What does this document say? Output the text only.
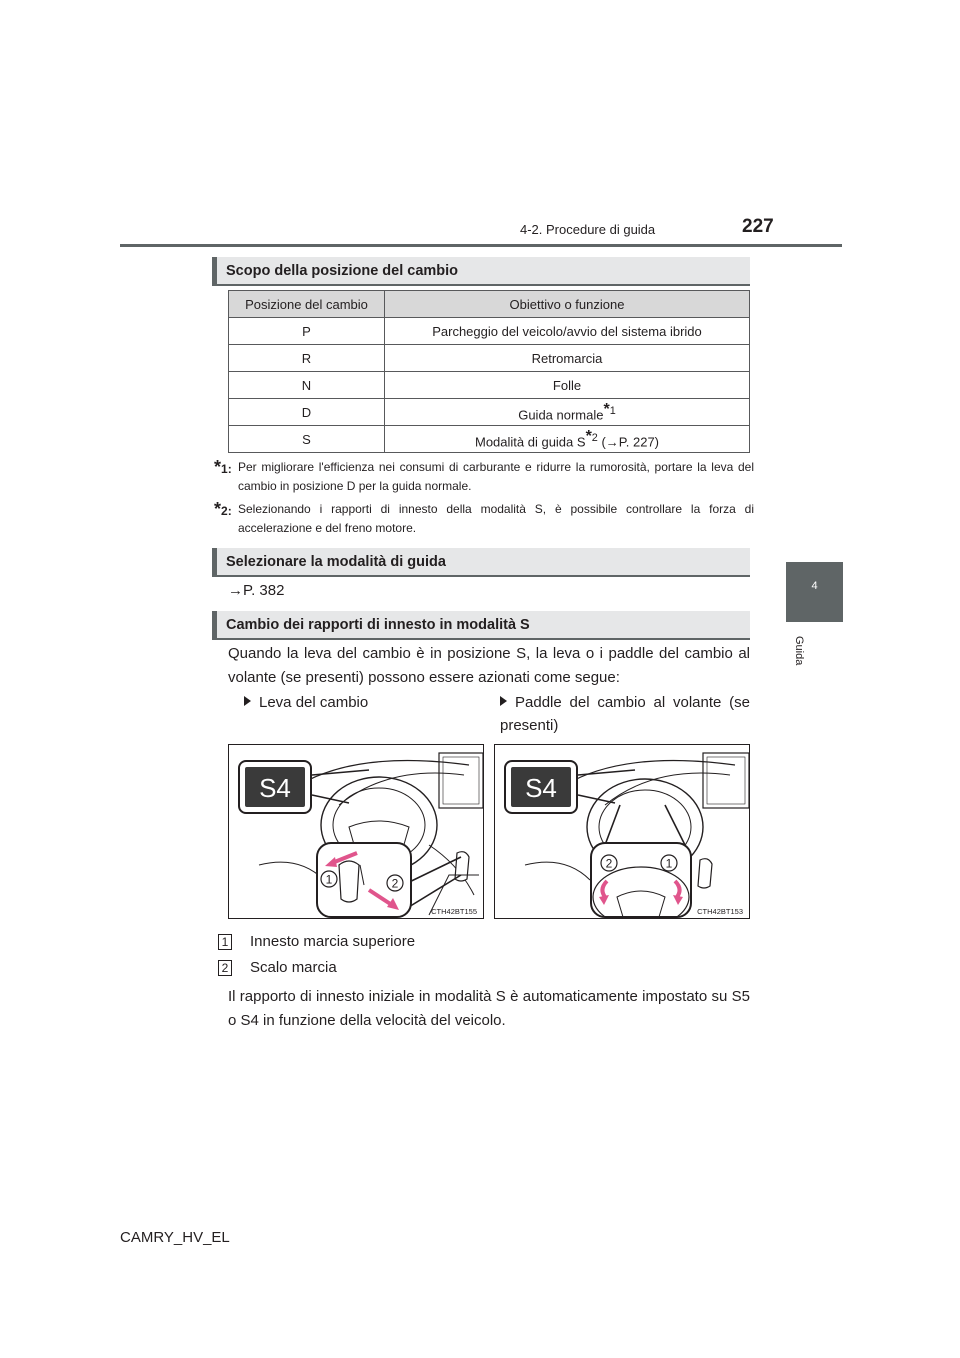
4-2. Procedure di guida	227
4
Guida
Scopo della posizione del cambio
Posizione del cambio	Obiettivo o funzione
P	Parcheggio del veicolo/avvio del sistema ibrido
R	Retromarcia
N	Folle
D	Guida normale$^{*1}$
S	Modalità di guida $S^{*2}$ (→P. 227)
*1: Per migliorare l'efficienza nei consumi di carburante e ridurre la rumorosità, portare la leva del cambio in posizione D per la guida normale.
*2: Selezionando i rapporti di innesto della modalità S, è possibile controllare la forza di accelerazione e del freno motore.
Selezionare la modalità di guida
→P. 382
Cambio dei rapporti di innesto in modalità S
Quando la leva del cambio è in posizione S, la leva o i paddle del cambio al volante (se presenti) possono essere azionati come segue:
Leva del cambio	Paddle del cambio al volante (se presenti)
1	2
S4
CTH42BT155
2	1
S4
CTH42BT153
1 Innesto marcia superiore
2 Scalo marcia
Il rapporto di innesto iniziale in modalità S è automaticamente impostato su S5 o S4 in funzione della velocità del veicolo.
CAMRY_HV_EL
